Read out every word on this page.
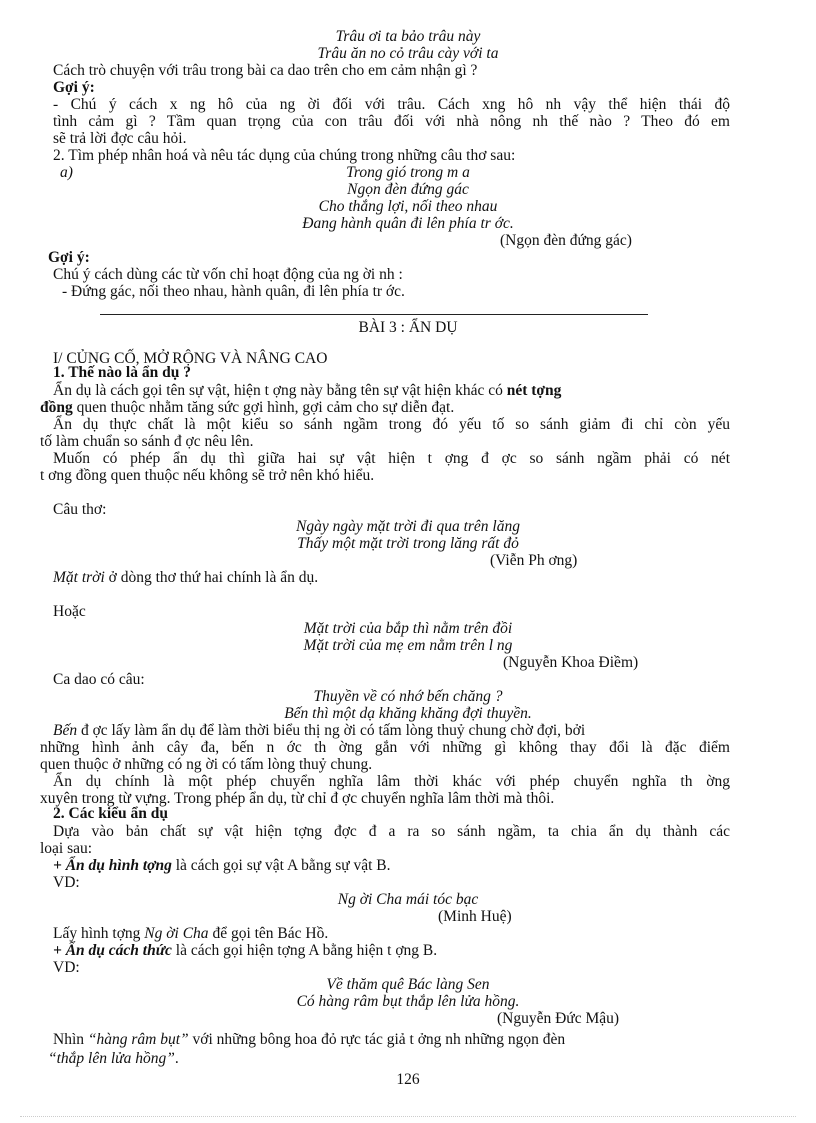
Trâu ơi ta bảo trâu này
Trâu ăn no cỏ trâu cày với ta
Cách trò chuyện với trâu trong bài ca dao trên cho em cảm nhận gì ?
Gợi ý:
- Chú ý cách x ng hô của ng ời đối với trâu. Cách xng hô nh vậy thể hiện thái độ
tình cảm gì ? Tầm quan trọng của con trâu đối với nhà nông nh thế nào ? Theo đó em
sẽ trả lời đợc câu hỏi.
2. Tìm phép nhân hoá và nêu tác dụng của chúng trong những câu thơ sau:
a)	Trong gió trong m a
Ngọn đèn đứng gác
Cho thắng lợi, nối theo nhau
Đang hành quân đi lên phía tr ớc.
(Ngọn đèn đứng gác)
Gợi ý:
Chú ý cách dùng các từ vốn chỉ hoạt động của ng ời nh :
- Đứng gác, nối theo nhau, hành quân, đi lên phía tr ớc.
BÀI 3 : ẨN DỤ
I/ CỦNG CỐ, MỞ RỘNG VÀ NÂNG CAO
1. Thế nào là ẩn dụ ?
Ẩn dụ là cách gọi tên sự vật, hiện t ợng này bằng tên sự vật hiện khác có nét tợng
đồng quen thuộc nhằm tăng sức gợi hình, gợi cảm cho sự diễn đạt.
Ẩn dụ thực chất là một kiểu so sánh ngầm trong đó yếu tố so sánh giảm đi chỉ còn yếu
tố làm chuẩn so sánh đ ợc nêu lên.
Muốn có phép ẩn dụ thì giữa hai sự vật hiện t ợng đ ợc so sánh ngầm phải có nét
t ơng đồng quen thuộc nếu không sẽ trở nên khó hiểu.
Câu thơ:
Ngày ngày mặt trời đi qua trên lăng
Thấy một mặt trời trong lăng rất đỏ
(Viễn Ph ơng)
Mặt trời ở dòng thơ thứ hai chính là ẩn dụ.
Hoặc
Mặt trời của bắp thì nằm trên đồi
Mặt trời của mẹ em nằm trên l ng
(Nguyễn Khoa Điềm)
Ca dao có câu:
Thuyền về có nhớ bến chăng ?
Bến thì một dạ khăng khăng đợi thuyền.
Bến đ ợc lấy làm ẩn dụ để làm thời biểu thị ng ời có tấm lòng thuỷ chung chờ đợi, bởi
những hình ảnh cây đa, bến n ớc th ờng gắn với những gì không thay đổi là đặc điểm
quen thuộc ở những có ng ời có tấm lòng thuỷ chung.
Ẩn dụ chính là một phép chuyển nghĩa lâm thời khác với phép chuyển nghĩa th ờng
xuyên trong từ vựng. Trong phép ẩn dụ, từ chỉ đ ợc chuyển nghĩa lâm thời mà thôi.
2. Các kiểu ẩn dụ
Dựa vào bản chất sự vật hiện tợng đợc đ a ra so sánh ngầm, ta chia ẩn dụ thành các
loại sau:
+ Ẩn dụ hình tợng là cách gọi sự vật A bằng sự vật B.
VD:
Ng ời Cha mái tóc bạc
(Minh Huệ)
Lấy hình tợng Ng ời Cha để gọi tên Bác Hồ.
+ Ẩn dụ cách thức là cách gọi hiện tợng A bằng hiện t ợng B.
VD:
Về thăm quê Bác làng Sen
Có hàng râm bụt thắp lên lửa hồng.
(Nguyễn Đức Mậu)
Nhìn “hàng râm bụt” với những bông hoa đỏ rực tác giả t ởng nh những ngọn đèn
“thắp lên lửa hồng”.
126
